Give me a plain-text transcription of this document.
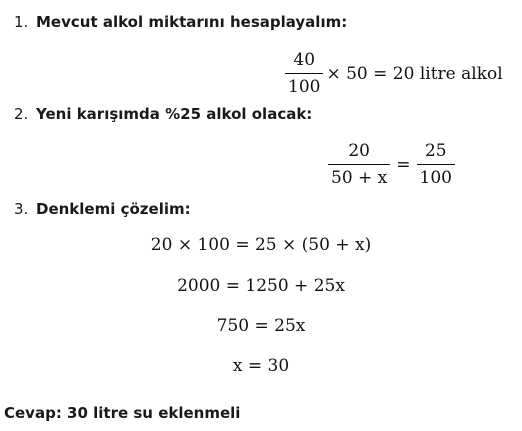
1. Mevcut alkol miktarını hesaplayalım:
$\frac{40}{100} \times 50 = 20$ litre alkol
2. Yeni karışımda %25 alkol olacak:
$\frac{20}{50 + x} = \frac{25}{100}$
3. Denklemi çözelim:
20 × 100 = 25 × (50 + x)
2000 = 1250 + 25x
750 = 25x
x = 30
Cevap: 30 litre su eklenmeli
